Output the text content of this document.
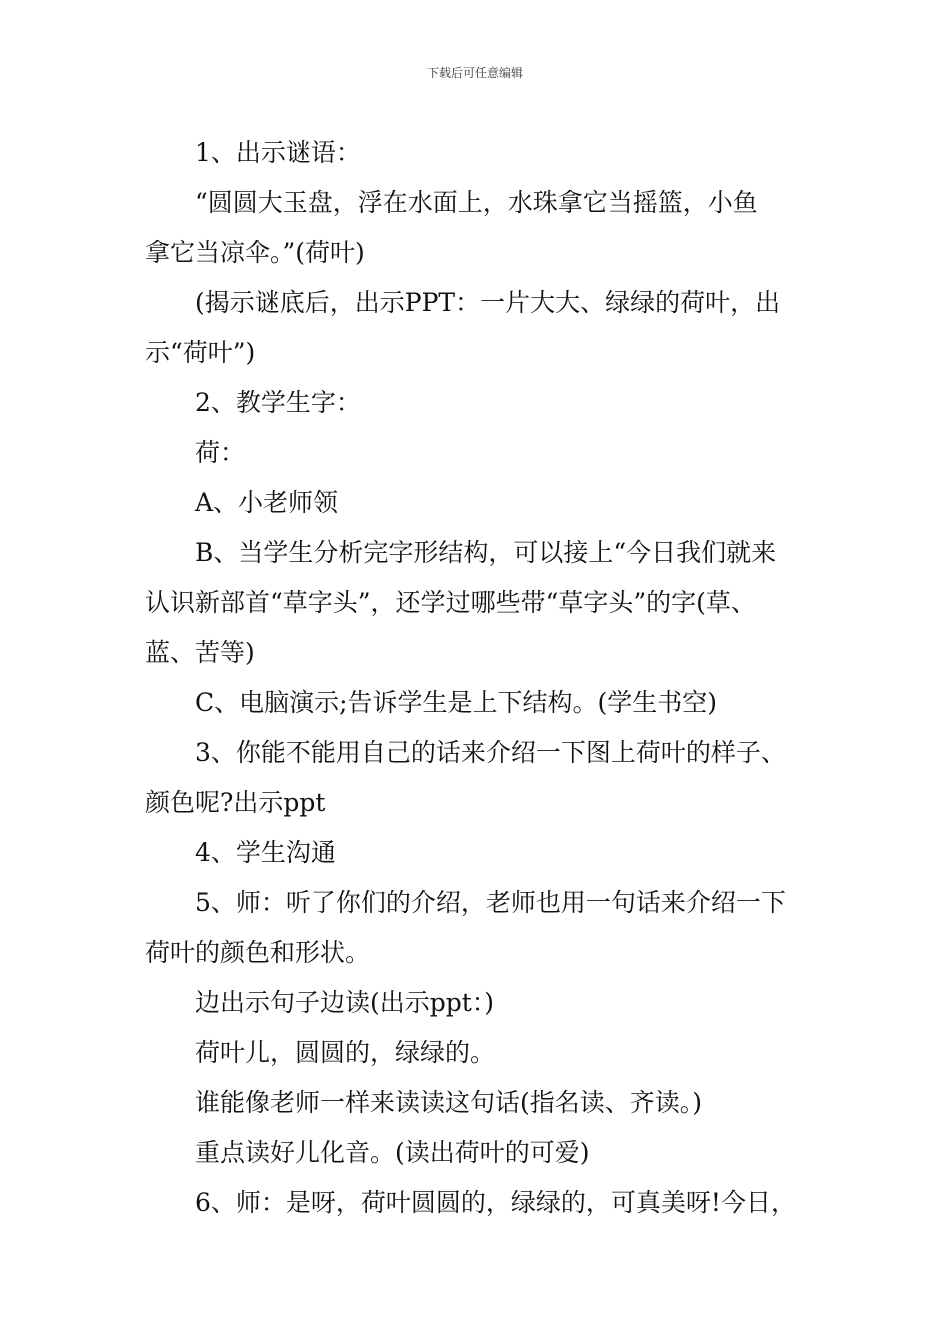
下载后可任意编辑

1、出示谜语：

“圆圆大玉盘，浮在水面上，水珠拿它当摇篮，小鱼

拿它当凉伞。”(荷叶)

(揭示谜底后，出示PPT：一片大大、绿绿的荷叶，出

示“荷叶”)

2、教学生字：

荷：

A、小老师领

B、当学生分析完字形结构，可以接上“今日我们就来

认识新部首“草字头”，还学过哪些带“草字头”的字(草、

蓝、苦等)

C、电脑演示;告诉学生是上下结构。(学生书空)

3、你能不能用自己的话来介绍一下图上荷叶的样子、

颜色呢?出示ppt

4、学生沟通

5、师：听了你们的介绍，老师也用一句话来介绍一下

荷叶的颜色和形状。

边出示句子边读(出示ppt：)

荷叶儿，圆圆的，绿绿的。

谁能像老师一样来读读这句话(指名读、齐读。)

重点读好儿化音。(读出荷叶的可爱)

6、师：是呀，荷叶圆圆的，绿绿的，可真美呀!今日，
